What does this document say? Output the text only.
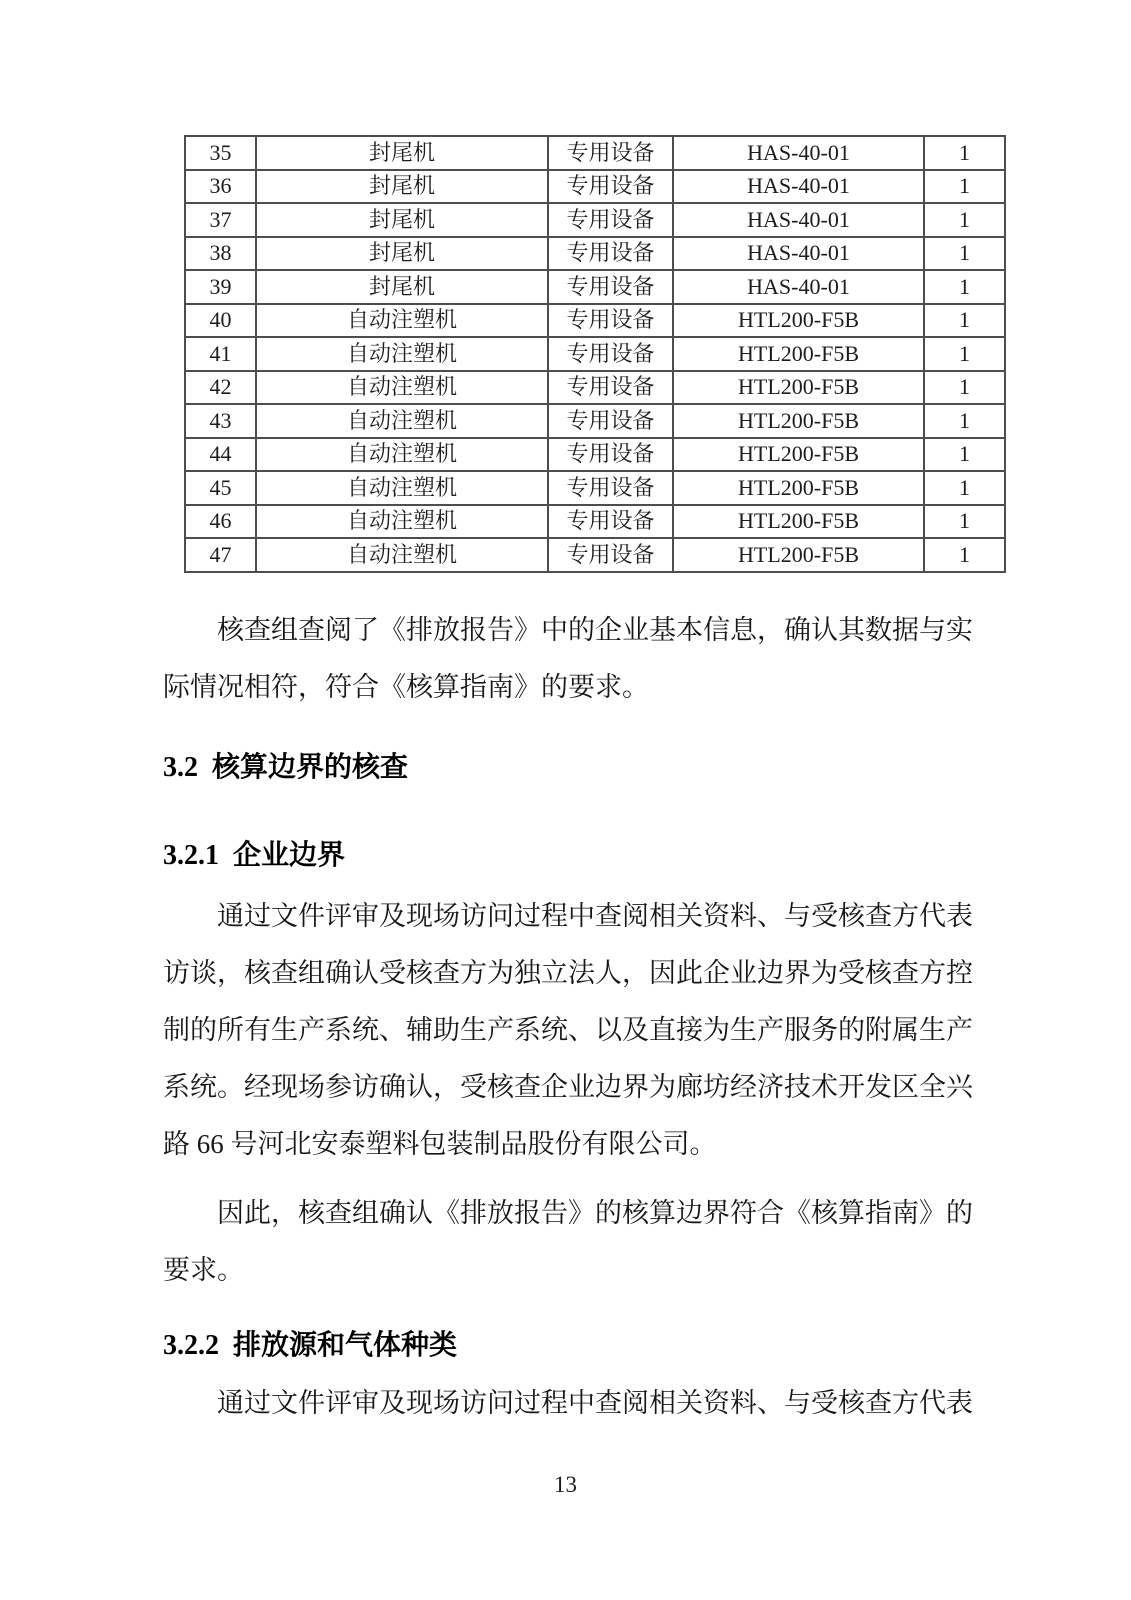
35	封尾机	专用设备	HAS-40-01	1
36	封尾机	专用设备	HAS-40-01	1
37	封尾机	专用设备	HAS-40-01	1
38	封尾机	专用设备	HAS-40-01	1
39	封尾机	专用设备	HAS-40-01	1
40	自动注塑机	专用设备	HTL200-F5B	1
41	自动注塑机	专用设备	HTL200-F5B	1
42	自动注塑机	专用设备	HTL200-F5B	1
43	自动注塑机	专用设备	HTL200-F5B	1
44	自动注塑机	专用设备	HTL200-F5B	1
45	自动注塑机	专用设备	HTL200-F5B	1
46	自动注塑机	专用设备	HTL200-F5B	1
47	自动注塑机	专用设备	HTL200-F5B	1
　　核查组查阅了《排放报告》中的企业基本信息，确认其数据与实
际情况相符，符合《核算指南》的要求。
3.2  核算边界的核查
3.2.1  企业边界
　　通过文件评审及现场访问过程中查阅相关资料、与受核查方代表
访谈，核查组确认受核查方为独立法人，因此企业边界为受核查方控
制的所有生产系统、辅助生产系统、以及直接为生产服务的附属生产
系统。经现场参访确认，受核查企业边界为廊坊经济技术开发区全兴
路 66 号河北安泰塑料包装制品股份有限公司。
　　因此，核查组确认《排放报告》的核算边界符合《核算指南》的
要求。
3.2.2  排放源和气体种类
　　通过文件评审及现场访问过程中查阅相关资料、与受核查方代表
13
